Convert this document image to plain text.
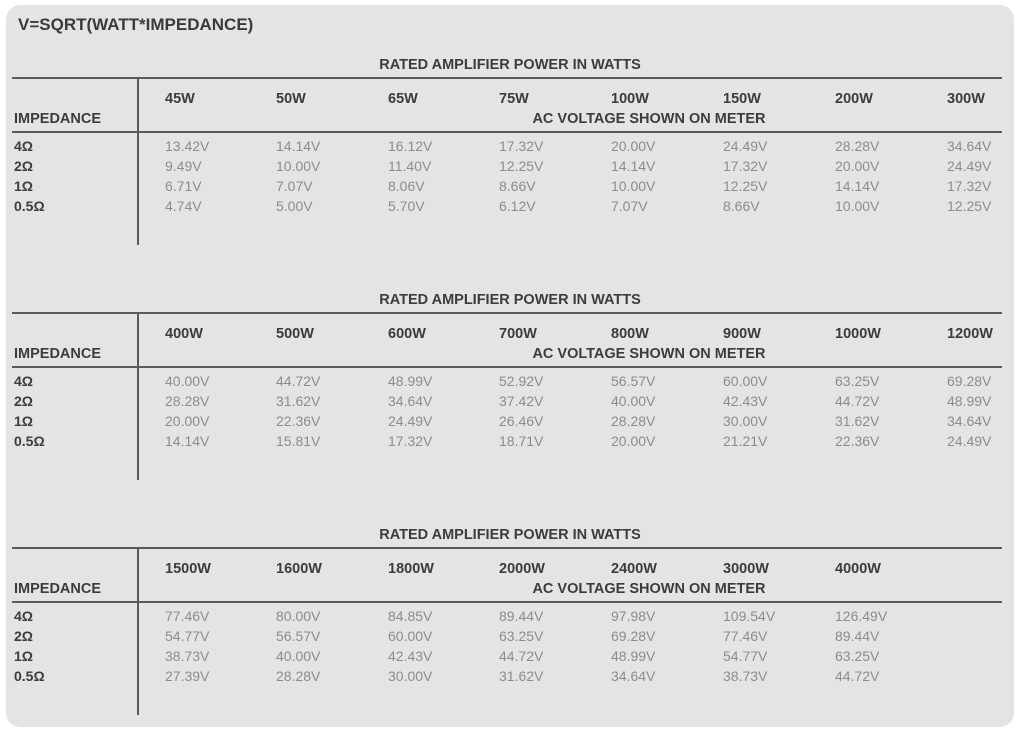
V=SQRT(WATT*IMPEDANCE)
RATED AMPLIFIER POWER IN WATTS
45W	50W	65W	75W	100W	150W	200W	300W
IMPEDANCE	AC VOLTAGE SHOWN ON METER
4Ω	13.42V	14.14V	16.12V	17.32V	20.00V	24.49V	28.28V	34.64V
2Ω	9.49V	10.00V	11.40V	12.25V	14.14V	17.32V	20.00V	24.49V
1Ω	6.71V	7.07V	8.06V	8.66V	10.00V	12.25V	14.14V	17.32V
0.5Ω	4.74V	5.00V	5.70V	6.12V	7.07V	8.66V	10.00V	12.25V
RATED AMPLIFIER POWER IN WATTS
400W	500W	600W	700W	800W	900W	1000W	1200W
IMPEDANCE	AC VOLTAGE SHOWN ON METER
4Ω	40.00V	44.72V	48.99V	52.92V	56.57V	60.00V	63.25V	69.28V
2Ω	28.28V	31.62V	34.64V	37.42V	40.00V	42.43V	44.72V	48.99V
1Ω	20.00V	22.36V	24.49V	26.46V	28.28V	30.00V	31.62V	34.64V
0.5Ω	14.14V	15.81V	17.32V	18.71V	20.00V	21.21V	22.36V	24.49V
RATED AMPLIFIER POWER IN WATTS
1500W	1600W	1800W	2000W	2400W	3000W	4000W
IMPEDANCE	AC VOLTAGE SHOWN ON METER
4Ω	77.46V	80.00V	84.85V	89.44V	97.98V	109.54V	126.49V
2Ω	54.77V	56.57V	60.00V	63.25V	69.28V	77.46V	89.44V
1Ω	38.73V	40.00V	42.43V	44.72V	48.99V	54.77V	63.25V
0.5Ω	27.39V	28.28V	30.00V	31.62V	34.64V	38.73V	44.72V
